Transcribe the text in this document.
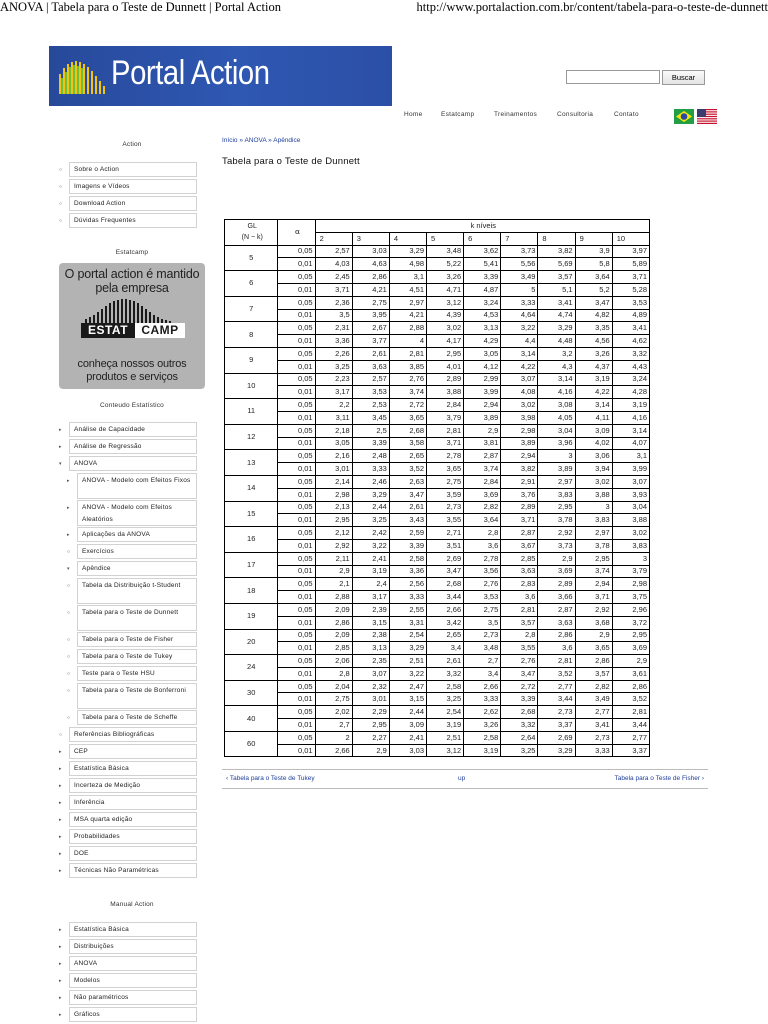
ANOVA | Tabela para o Teste de Dunnett | Portal Action	http://www.portalaction.com.br/content/tabela-para-o-teste-de-dunnett
Portal Action	Buscar
Home	Estatcamp	Treinamentos	Consultoria	Contato
Action
○	Sobre o Action
○	Imagens e Vídeos
○	Download Action
○	Dúvidas Frequentes
Estatcamp
O portal action é mantido pela empresa
ESTAT	CAMP
conheça nossos outros produtos e serviços
Conteudo Estatístico
▸	Análise de Capacidade
▸	Análise de Regressão
▾	ANOVA
▸	ANOVA - Modelo com Efeitos Fixos
▸	ANOVA - Modelo com Efeitos Aleatórios
▸	Aplicações da ANOVA
○	Exercícios
▾	Apêndice
○	Tabela da Distribuição t-Student
○	Tabela para o Teste de Dunnett
○	Tabela para o Teste de Fisher
○	Tabela para o Teste de Tukey
○	Teste para o Teste HSU
○	Tabela para o Teste de Bonferroni
○	Tabela para o Teste de Scheffe
○	Referências Bibliográficas
▸	CEP
▸	Estatística Básica
▸	Incerteza de Medição
▸	Inferência
▸	MSA quarta edição
▸	Probabilidades
▸	DOE
▸	Técnicas Não Paramétricas
Manual Action
▸	Estatística Básica
▸	Distribuições
▸	ANOVA
▸	Modelos
▸	Não paramétricos
▸	Gráficos
Início » ANOVA » Apêndice
Tabela para o Teste de Dunnett
GL
(N − k)	α	k níveis								
		2	3	4	5	6	7	8	9	10
5	0,05	2,57	3,03	3,29	3,48	3,62	3,73	3,82	3,9	3,97
	0,01	4,03	4,63	4,98	5,22	5,41	5,56	5,69	5,8	5,89
6	0,05	2,45	2,86	3,1	3,26	3,39	3,49	3,57	3,64	3,71
	0,01	3,71	4,21	4,51	4,71	4,87	5	5,1	5,2	5,28
7	0,05	2,36	2,75	2,97	3,12	3,24	3,33	3,41	3,47	3,53
	0,01	3,5	3,95	4,21	4,39	4,53	4,64	4,74	4,82	4,89
8	0,05	2,31	2,67	2,88	3,02	3,13	3,22	3,29	3,35	3,41
	0,01	3,36	3,77	4	4,17	4,29	4,4	4,48	4,56	4,62
9	0,05	2,26	2,61	2,81	2,95	3,05	3,14	3,2	3,26	3,32
	0,01	3,25	3,63	3,85	4,01	4,12	4,22	4,3	4,37	4,43
10	0,05	2,23	2,57	2,76	2,89	2,99	3,07	3,14	3,19	3,24
	0,01	3,17	3,53	3,74	3,88	3,99	4,08	4,16	4,22	4,28
11	0,05	2,2	2,53	2,72	2,84	2,94	3,02	3,08	3,14	3,19
	0,01	3,11	3,45	3,65	3,79	3,89	3,98	4,05	4,11	4,16
12	0,05	2,18	2,5	2,68	2,81	2,9	2,98	3,04	3,09	3,14
	0,01	3,05	3,39	3,58	3,71	3,81	3,89	3,96	4,02	4,07
13	0,05	2,16	2,48	2,65	2,78	2,87	2,94	3	3,06	3,1
	0,01	3,01	3,33	3,52	3,65	3,74	3,82	3,89	3,94	3,99
14	0,05	2,14	2,46	2,63	2,75	2,84	2,91	2,97	3,02	3,07
	0,01	2,98	3,29	3,47	3,59	3,69	3,76	3,83	3,88	3,93
15	0,05	2,13	2,44	2,61	2,73	2,82	2,89	2,95	3	3,04
	0,01	2,95	3,25	3,43	3,55	3,64	3,71	3,78	3,83	3,88
16	0,05	2,12	2,42	2,59	2,71	2,8	2,87	2,92	2,97	3,02
	0,01	2,92	3,22	3,39	3,51	3,6	3,67	3,73	3,78	3,83
17	0,05	2,11	2,41	2,58	2,69	2,78	2,85	2,9	2,95	3
	0,01	2,9	3,19	3,36	3,47	3,56	3,63	3,69	3,74	3,79
18	0,05	2,1	2,4	2,56	2,68	2,76	2,83	2,89	2,94	2,98
	0,01	2,88	3,17	3,33	3,44	3,53	3,6	3,66	3,71	3,75
19	0,05	2,09	2,39	2,55	2,66	2,75	2,81	2,87	2,92	2,96
	0,01	2,86	3,15	3,31	3,42	3,5	3,57	3,63	3,68	3,72
20	0,05	2,09	2,38	2,54	2,65	2,73	2,8	2,86	2,9	2,95
	0,01	2,85	3,13	3,29	3,4	3,48	3,55	3,6	3,65	3,69
24	0,05	2,06	2,35	2,51	2,61	2,7	2,76	2,81	2,86	2,9
	0,01	2,8	3,07	3,22	3,32	3,4	3,47	3,52	3,57	3,61
30	0,05	2,04	2,32	2,47	2,58	2,66	2,72	2,77	2,82	2,86
	0,01	2,75	3,01	3,15	3,25	3,33	3,39	3,44	3,49	3,52
40	0,05	2,02	2,29	2,44	2,54	2,62	2,68	2,73	2,77	2,81
	0,01	2,7	2,95	3,09	3,19	3,26	3,32	3,37	3,41	3,44
60	0,05	2	2,27	2,41	2,51	2,58	2,64	2,69	2,73	2,77
	0,01	2,66	2,9	3,03	3,12	3,19	3,25	3,29	3,33	3,37
‹ Tabela para o Teste de Tukey	up	Tabela para o Teste de Fisher ›
